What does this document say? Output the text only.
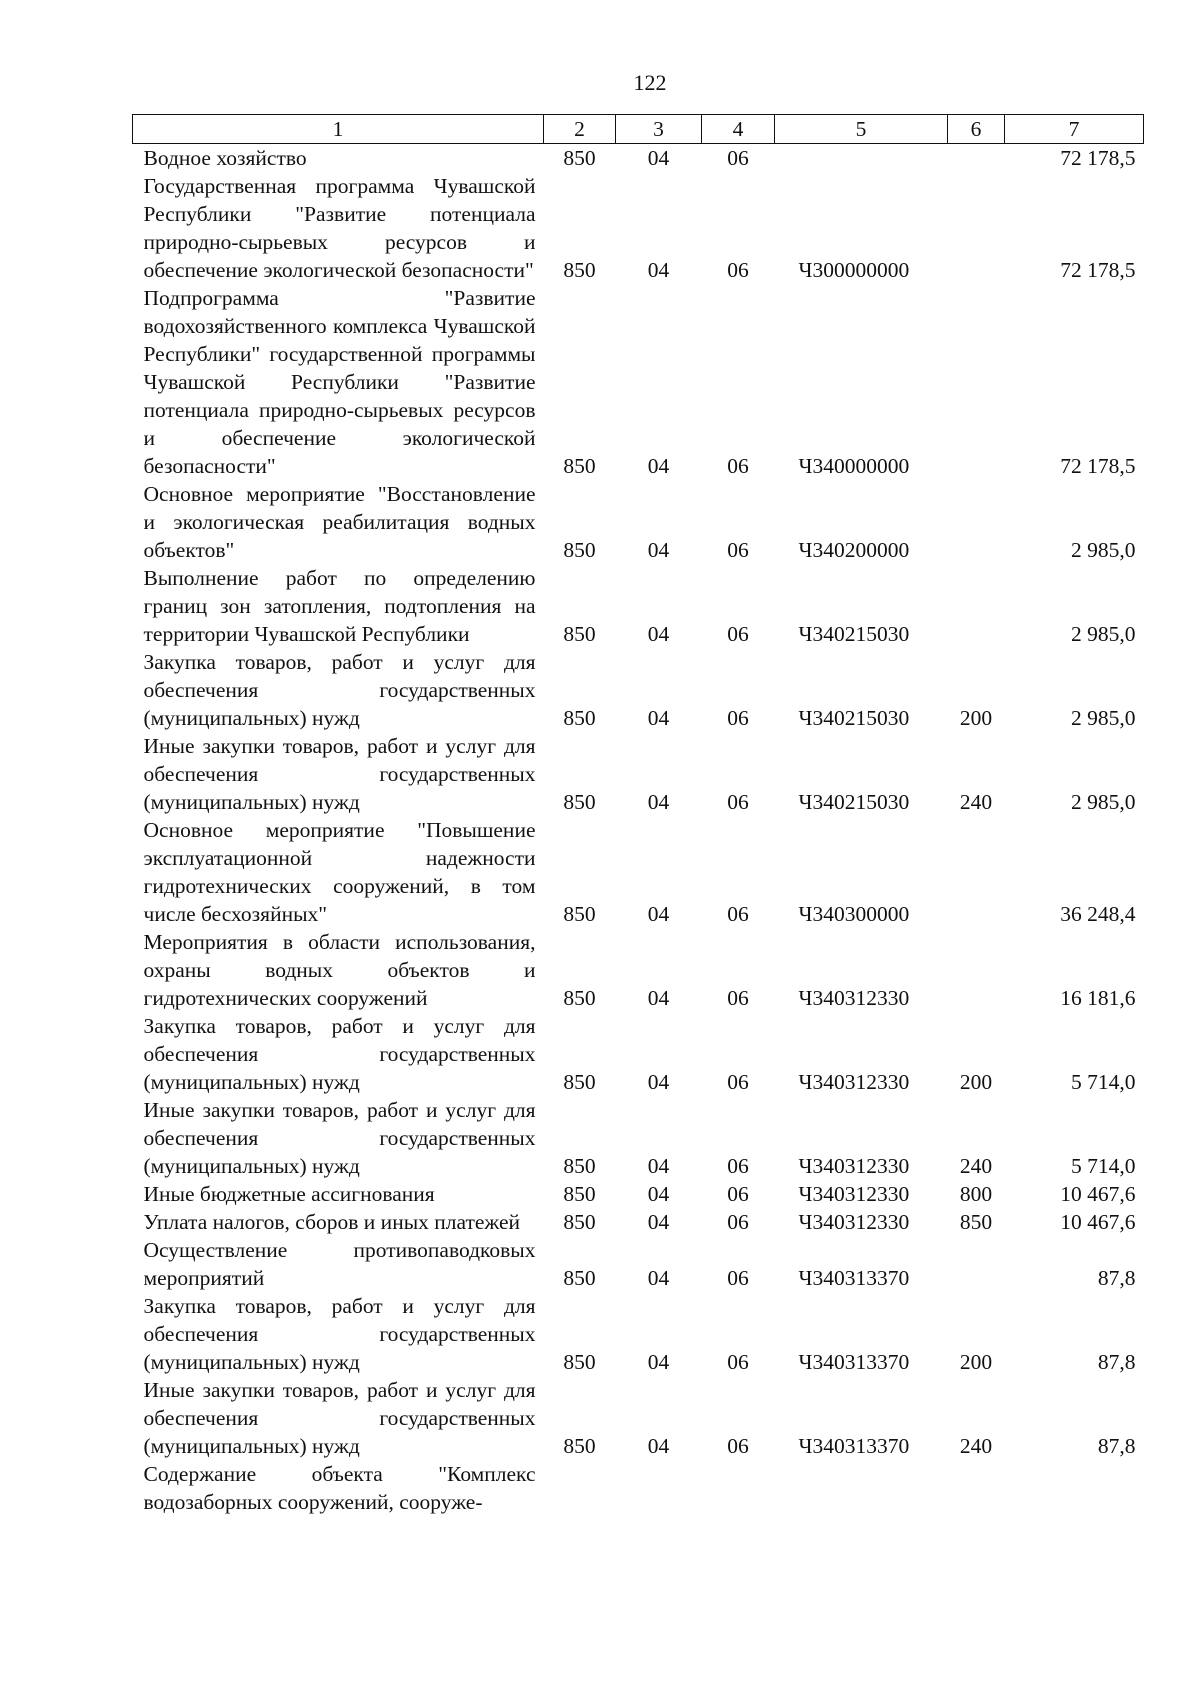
122
1	2	3	4	5	6	7
Водное хозяйство	850	04	06			72 178,5
Государственная программа Чувашской Республики "Развитие потенциала природно-сырьевых ресурсов и обеспечение экологической безопасности"	850	04	06	Ч300000000		72 178,5
Подпрограмма "Развитие водохозяйственного комплекса Чувашской Республики" государственной программы Чувашской Республики "Развитие потенциала природно-сырьевых ресурсов и обеспечение экологической безопасности"	850	04	06	Ч340000000		72 178,5
Основное мероприятие "Восстановление и экологическая реабилитация водных объектов"	850	04	06	Ч340200000		2 985,0
Выполнение работ по определению границ зон затопления, подтопления на территории Чувашской Республики	850	04	06	Ч340215030		2 985,0
Закупка товаров, работ и услуг для обеспечения государственных (муниципальных) нужд	850	04	06	Ч340215030	200	2 985,0
Иные закупки товаров, работ и услуг для обеспечения государственных (муниципальных) нужд	850	04	06	Ч340215030	240	2 985,0
Основное мероприятие "Повышение эксплуатационной надежности гидротехнических сооружений, в том числе бесхозяйных"	850	04	06	Ч340300000		36 248,4
Мероприятия в области использования, охраны водных объектов и гидротехнических сооружений	850	04	06	Ч340312330		16 181,6
Закупка товаров, работ и услуг для обеспечения государственных (муниципальных) нужд	850	04	06	Ч340312330	200	5 714,0
Иные закупки товаров, работ и услуг для обеспечения государственных (муниципальных) нужд	850	04	06	Ч340312330	240	5 714,0
Иные бюджетные ассигнования	850	04	06	Ч340312330	800	10 467,6
Уплата налогов, сборов и иных платежей	850	04	06	Ч340312330	850	10 467,6
Осуществление противопаводковых мероприятий	850	04	06	Ч340313370		87,8
Закупка товаров, работ и услуг для обеспечения государственных (муниципальных) нужд	850	04	06	Ч340313370	200	87,8
Иные закупки товаров, работ и услуг для обеспечения государственных (муниципальных) нужд	850	04	06	Ч340313370	240	87,8
Содержание объекта "Комплекс водозаборных сооружений, сооруже-						
